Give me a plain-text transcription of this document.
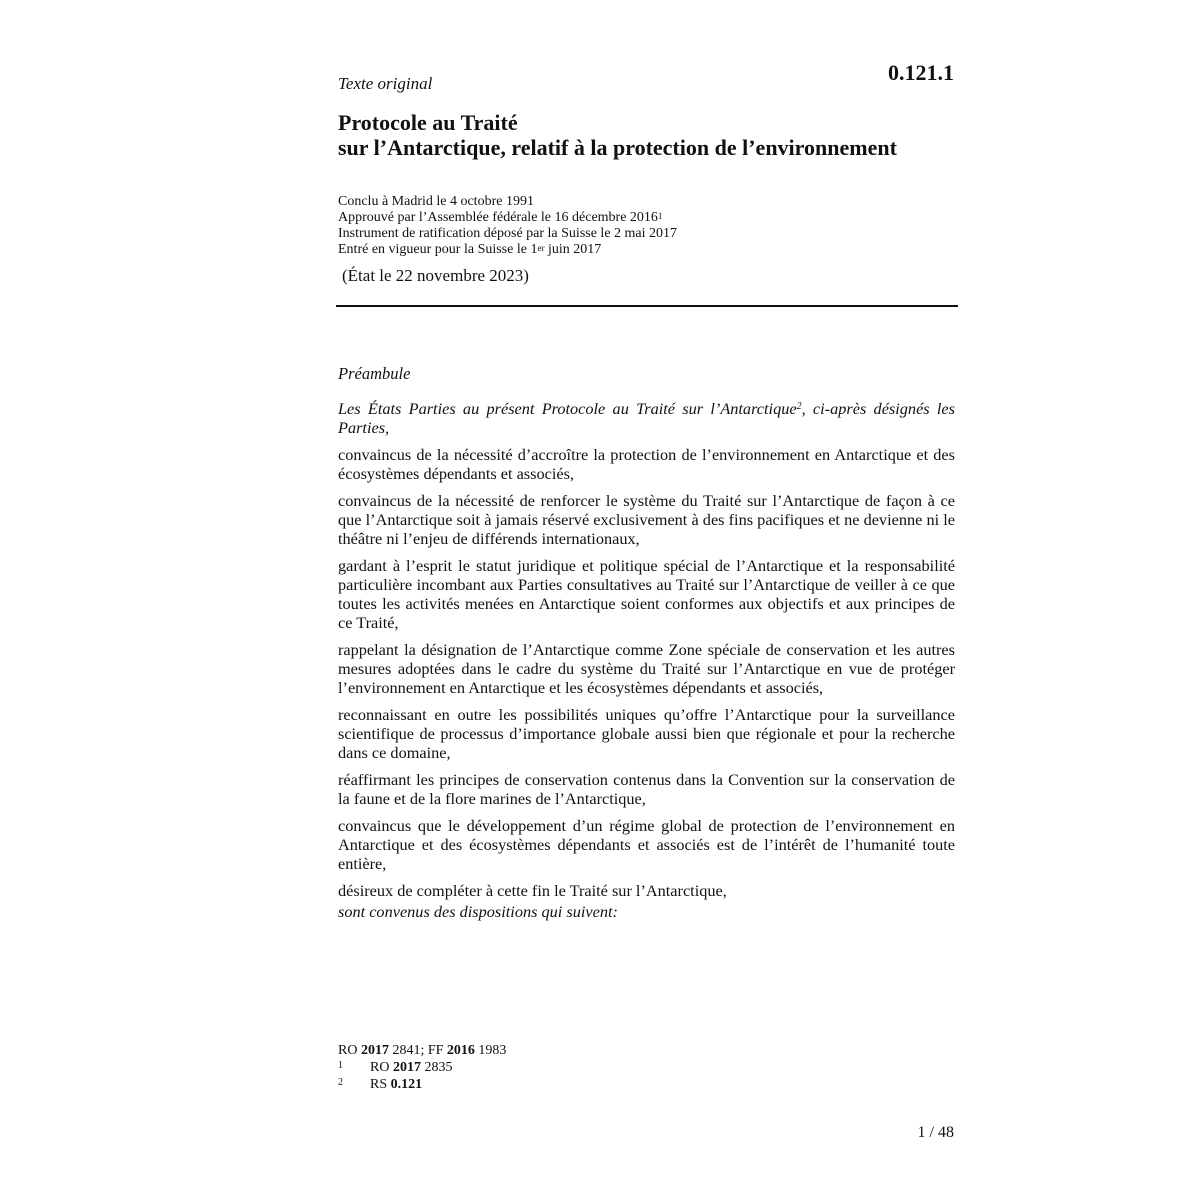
Texte original	0.121.1
Protocole au Traité
sur l’Antarctique, relatif à la protection de l’environnement
Conclu à Madrid le 4 octobre 1991
Approuvé par l’Assemblée fédérale le 16 décembre 2016$^1$
Instrument de ratification déposé par la Suisse le 2 mai 2017
Entré en vigueur pour la Suisse le 1er juin 2017
(État le 22 novembre 2023)

Préambule

Les États Parties au présent Protocole au Traité sur l’Antarctique$^2$, ci-après désignés les Parties,

convaincus de la nécessité d’accroître la protection de l’environnement en Antarctique et des écosystèmes dépendants et associés,

convaincus de la nécessité de renforcer le système du Traité sur l’Antarctique de façon à ce que l’Antarctique soit à jamais réservé exclusivement à des fins pacifiques et ne devienne ni le théâtre ni l’enjeu de différends internationaux,

gardant à l’esprit le statut juridique et politique spécial de l’Antarctique et la responsabilité particulière incombant aux Parties consultatives au Traité sur l’Antarctique de veiller à ce que toutes les activités menées en Antarctique soient conformes aux objectifs et aux principes de ce Traité,

rappelant la désignation de l’Antarctique comme Zone spéciale de conservation et les autres mesures adoptées dans le cadre du système du Traité sur l’Antarctique en vue de protéger l’environnement en Antarctique et les écosystèmes dépendants et associés,

reconnaissant en outre les possibilités uniques qu’offre l’Antarctique pour la surveillance scientifique de processus d’importance globale aussi bien que régionale et pour la recherche dans ce domaine,

réaffirmant les principes de conservation contenus dans la Convention sur la conservation de la faune et de la flore marines de l’Antarctique,

convaincus que le développement d’un régime global de protection de l’environnement en Antarctique et des écosystèmes dépendants et associés est de l’intérêt de l’humanité toute entière,

désireux de compléter à cette fin le Traité sur l’Antarctique,

sont convenus des dispositions qui suivent:

RO 2017 2841; FF 2016 1983
1 RO 2017 2835
2 RS 0.121
1 / 48
